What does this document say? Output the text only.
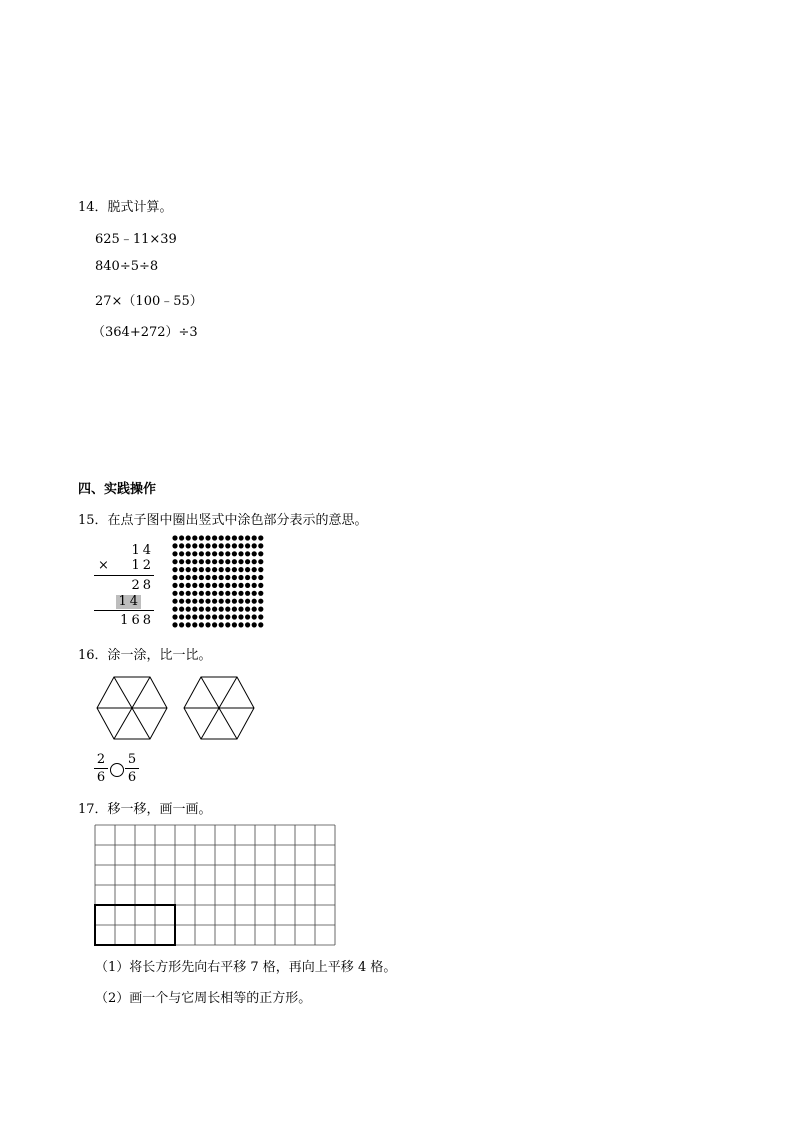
14．脱式计算。
625﹣11×39
840÷5÷8
27×（100﹣55）
（364+272）÷3
四、实践操作
15．在点子图中圈出竖式中涂色部分表示的意思。
14
× 12
28
14
168
16．涂一涂，比一比。
2
6
5
6
17．移一移，画一画。
（1）将长方形先向右平移 7 格，再向上平移 4 格。
（2）画一个与它周长相等的正方形。
